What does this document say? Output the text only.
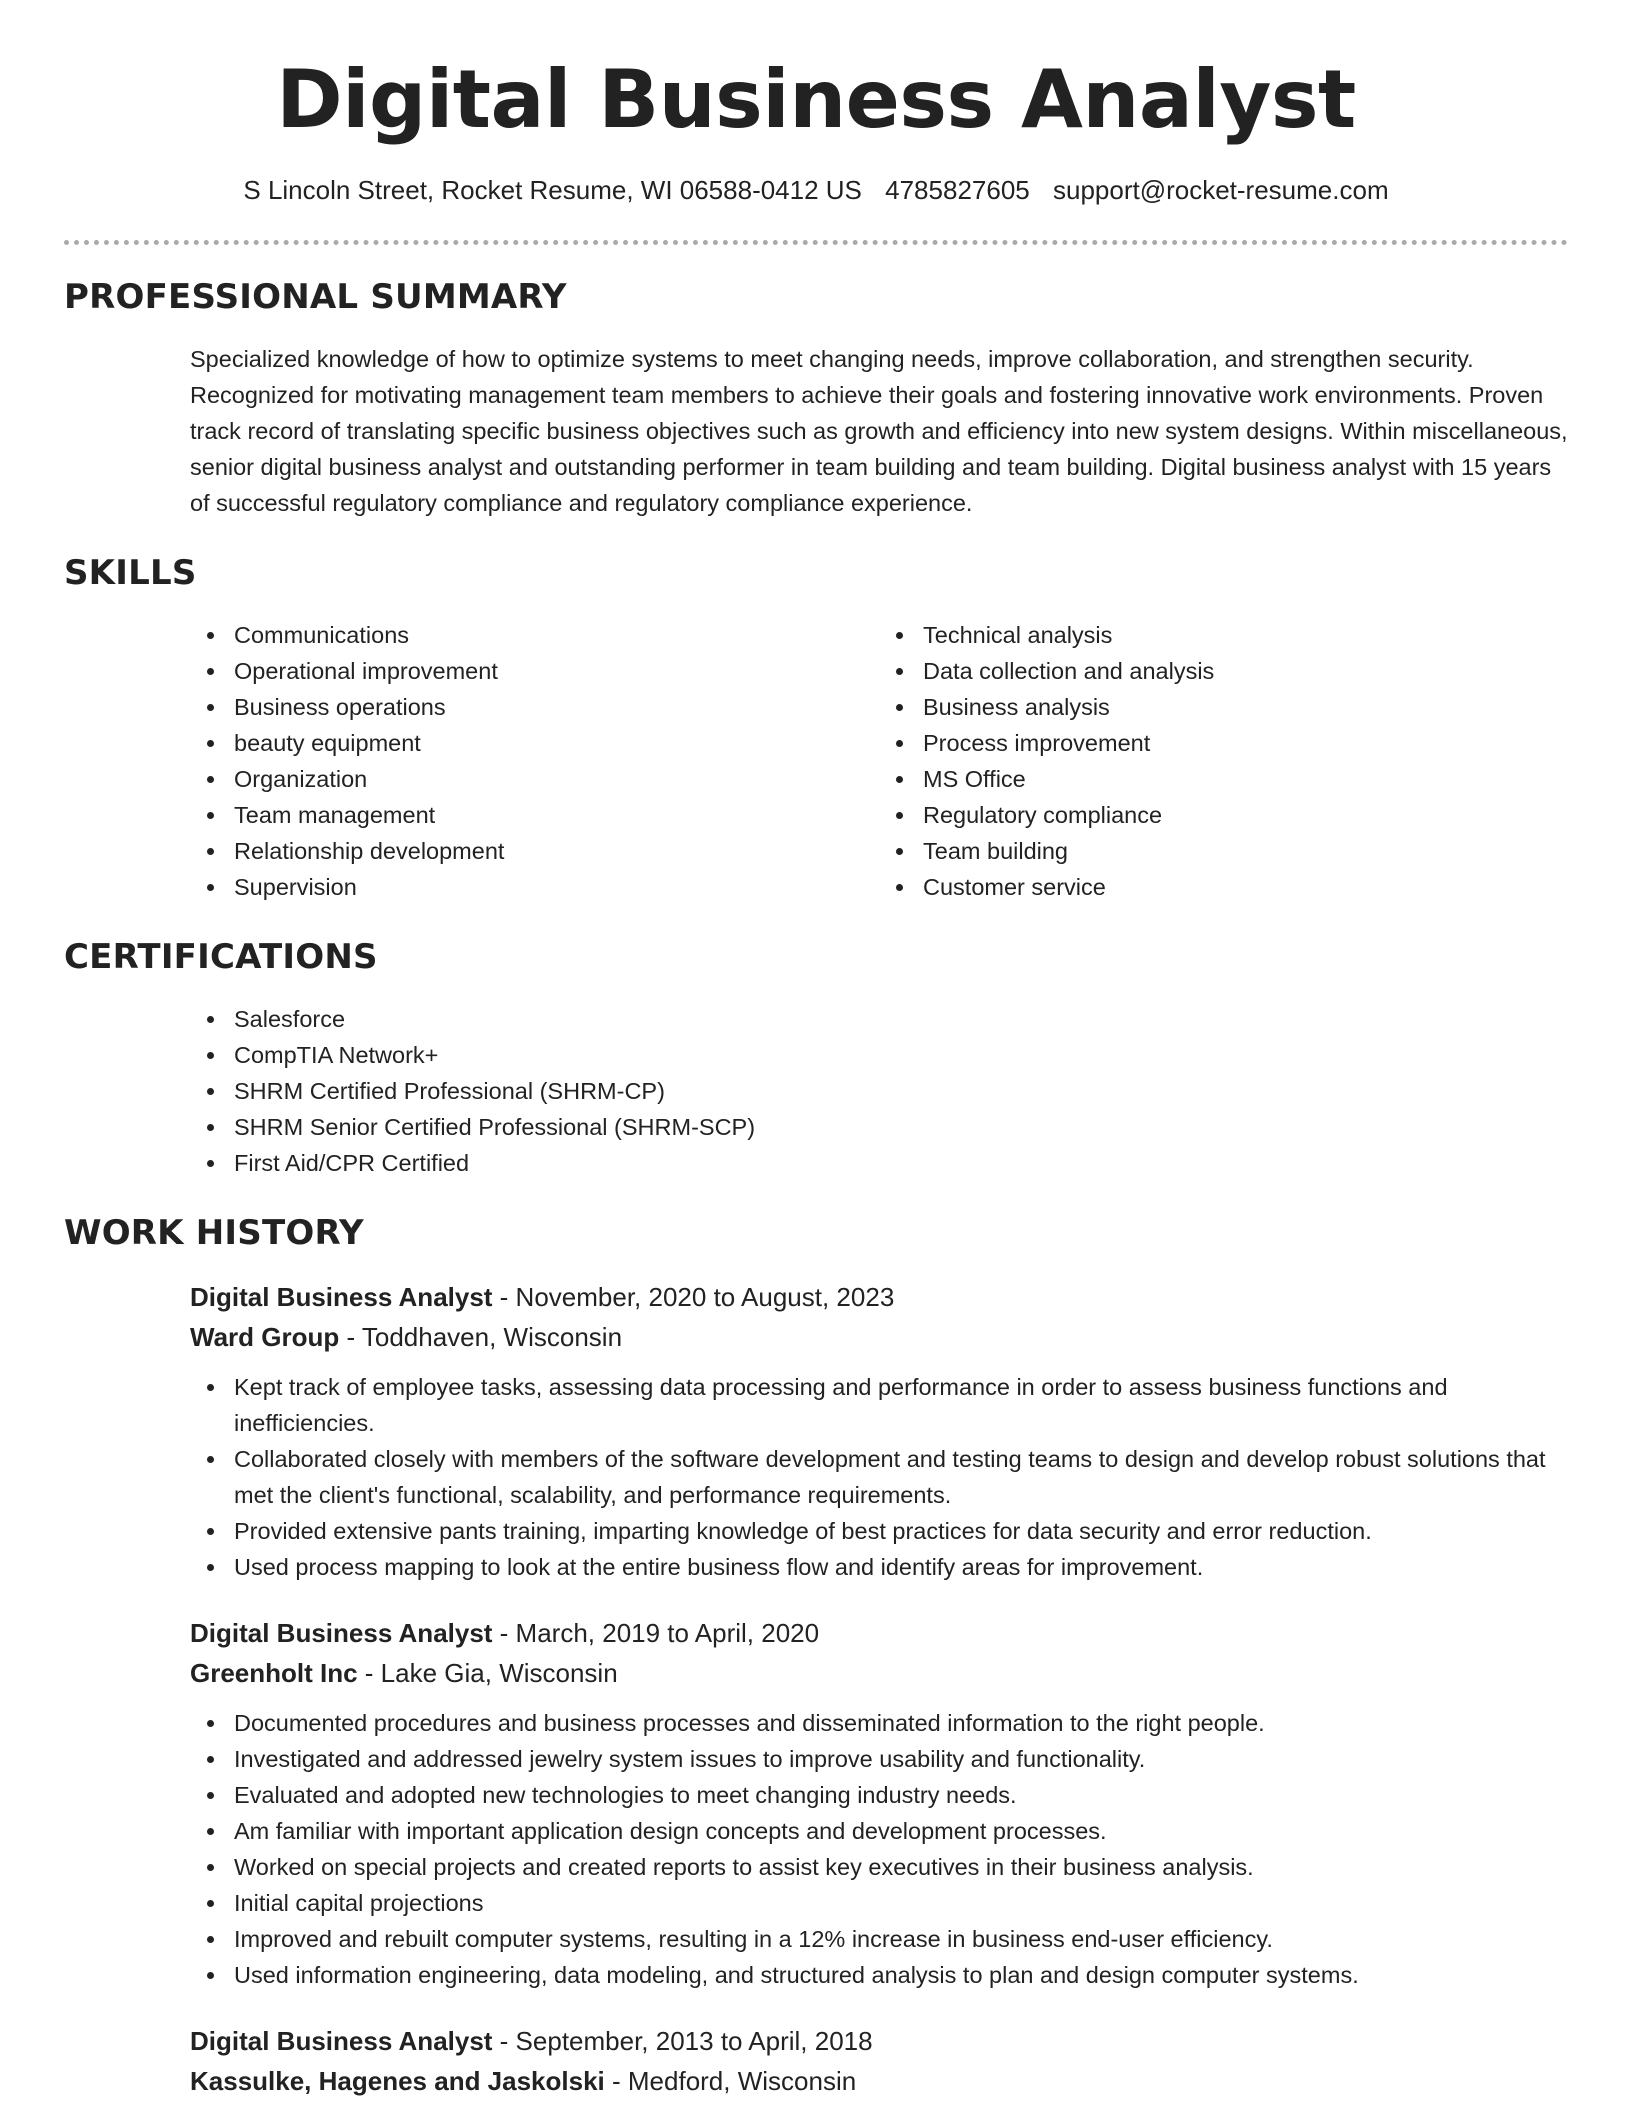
Digital Business Analyst
S Lincoln Street, Rocket Resume, WI 06588-0412 US 4785827605 support@rocket-resume.com
PROFESSIONAL SUMMARY

Specialized knowledge of how to optimize systems to meet changing needs, improve collaboration, and strengthen security. Recognized for motivating management team members to achieve their goals and fostering innovative work environments. Proven track record of translating specific business objectives such as growth and efficiency into new system designs. Within miscellaneous, senior digital business analyst and outstanding performer in team building and team building. Digital business analyst with 15 years of successful regulatory compliance and regulatory compliance experience.

SKILLS
Communications
Operational improvement
Business operations
beauty equipment
Organization
Team management
Relationship development
Supervision
Technical analysis
Data collection and analysis
Business analysis
Process improvement
MS Office
Regulatory compliance
Team building
Customer service
CERTIFICATIONS
Salesforce
CompTIA Network+
SHRM Certified Professional (SHRM-CP)
SHRM Senior Certified Professional (SHRM-SCP)
First Aid/CPR Certified
WORK HISTORY

Digital Business Analyst - November, 2020 to August, 2023

Ward Group - Toddhaven, Wisconsin

Kept track of employee tasks, assessing data processing and performance in order to assess business functions and inefficiencies.
Collaborated closely with members of the software development and testing teams to design and develop robust solutions that met the client's functional, scalability, and performance requirements.
Provided extensive pants training, imparting knowledge of best practices for data security and error reduction.
Used process mapping to look at the entire business flow and identify areas for improvement.

Digital Business Analyst - March, 2019 to April, 2020

Greenholt Inc - Lake Gia, Wisconsin

Documented procedures and business processes and disseminated information to the right people.
Investigated and addressed jewelry system issues to improve usability and functionality.
Evaluated and adopted new technologies to meet changing industry needs.
Am familiar with important application design concepts and development processes.
Worked on special projects and created reports to assist key executives in their business analysis.
Initial capital projections
Improved and rebuilt computer systems, resulting in a 12% increase in business end-user efficiency.
Used information engineering, data modeling, and structured analysis to plan and design computer systems.

Digital Business Analyst - September, 2013 to April, 2018

Kassulke, Hagenes and Jaskolski - Medford, Wisconsin
